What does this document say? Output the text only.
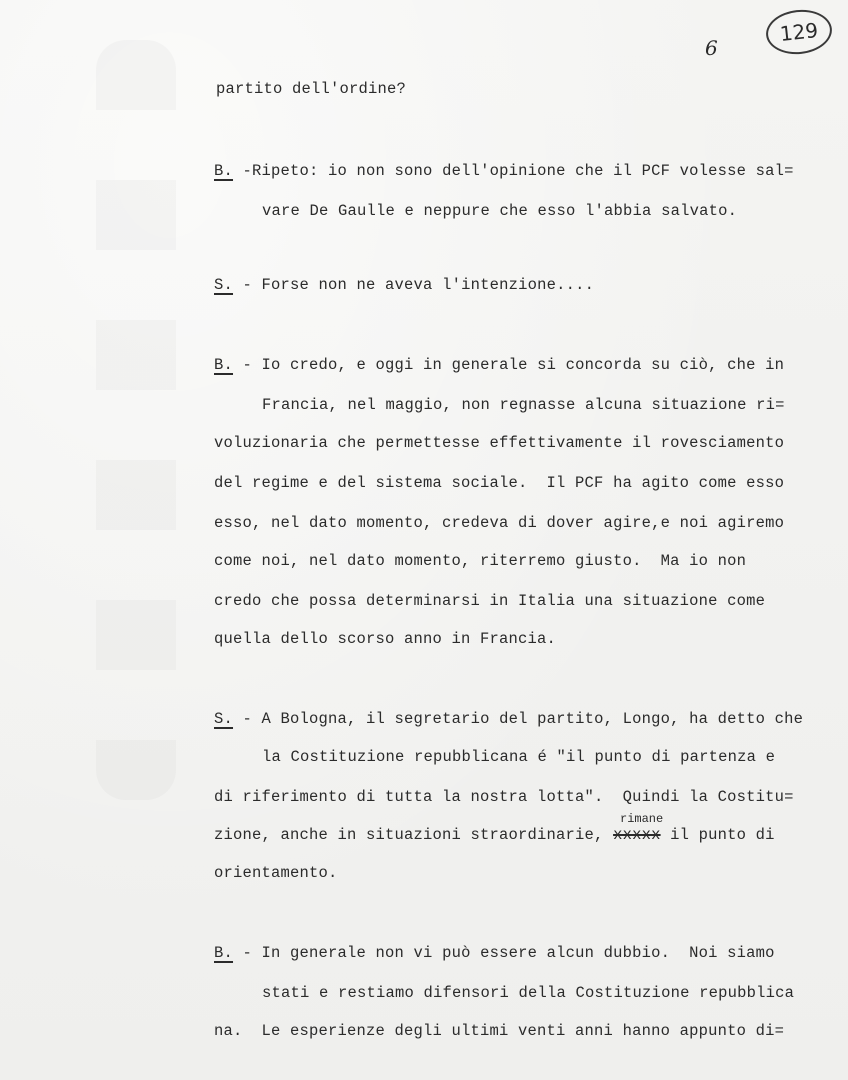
6
129
partito dell'ordine?
B. -Ripeto: io non sono dell'opinione che il PCF volesse sal=
vare De Gaulle e neppure che esso l'abbia salvato.
S. - Forse non ne aveva l'intenzione....
B. - Io credo, e oggi in generale si concorda su ciò, che in
Francia, nel maggio, non regnasse alcuna situazione ri=
voluzionaria che permettesse effettivamente il rovesciamento
del regime e del sistema sociale.  Il PCF ha agito come esso
esso, nel dato momento, credeva di dover agire,e noi agiremo
come noi, nel dato momento, riterremo giusto.  Ma io non
credo che possa determinarsi in Italia una situazione come
quella dello scorso anno in Francia.
S. - A Bologna, il segretario del partito, Longo, ha detto che
la Costituzione repubblicana é "il punto di partenza e
di riferimento di tutta la nostra lotta".  Quindi la Costitu=
zione, anche in situazioni straordinarie, xxxxx il punto di
rimane
orientamento.
B. - In generale non vi può essere alcun dubbio.  Noi siamo
stati e restiamo difensori della Costituzione repubblica
na.  Le esperienze degli ultimi venti anni hanno appunto di=
